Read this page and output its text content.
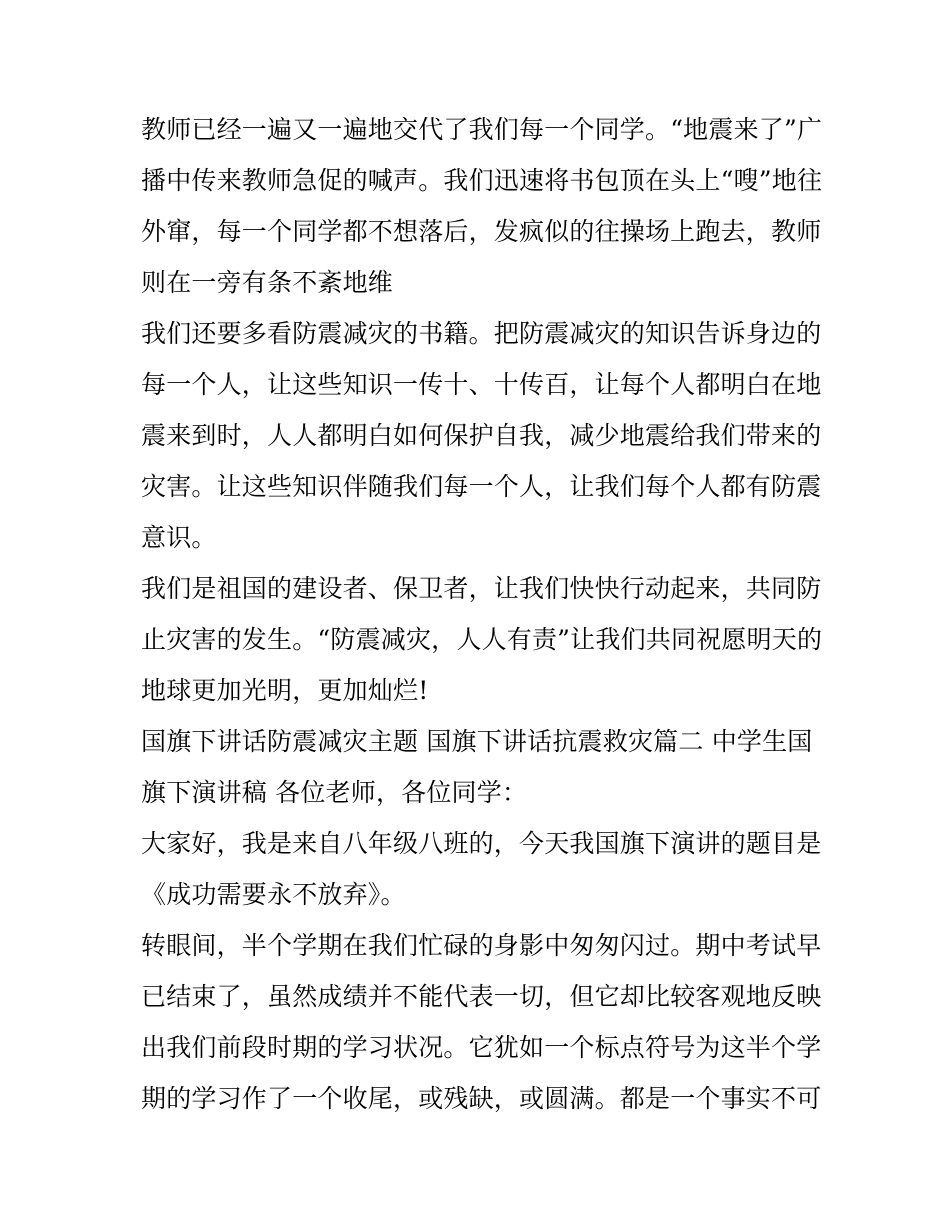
教师已经一遍又一遍地交代了我们每一个同学。“地震来了”广
播中传来教师急促的喊声。我们迅速将书包顶在头上“嗖”地往
外窜，每一个同学都不想落后，发疯似的往操场上跑去，教师
则在一旁有条不紊地维
我们还要多看防震减灾的书籍。把防震减灾的知识告诉身边的
每一个人，让这些知识一传十、十传百，让每个人都明白在地
震来到时，人人都明白如何保护自我，减少地震给我们带来的
灾害。让这些知识伴随我们每一个人，让我们每个人都有防震
意识。
我们是祖国的建设者、保卫者，让我们快快行动起来，共同防
止灾害的发生。“防震减灾，人人有责”让我们共同祝愿明天的
地球更加光明，更加灿烂!
国旗下讲话防震减灾主题 国旗下讲话抗震救灾篇二 中学生国
旗下演讲稿 各位老师，各位同学：
大家好，我是来自八年级八班的，今天我国旗下演讲的题目是
《成功需要永不放弃》。
转眼间，半个学期在我们忙碌的身影中匆匆闪过。期中考试早
已结束了，虽然成绩并不能代表一切，但它却比较客观地反映
出我们前段时期的学习状况。它犹如一个标点符号为这半个学
期的学习作了一个收尾，或残缺，或圆满。都是一个事实不可
